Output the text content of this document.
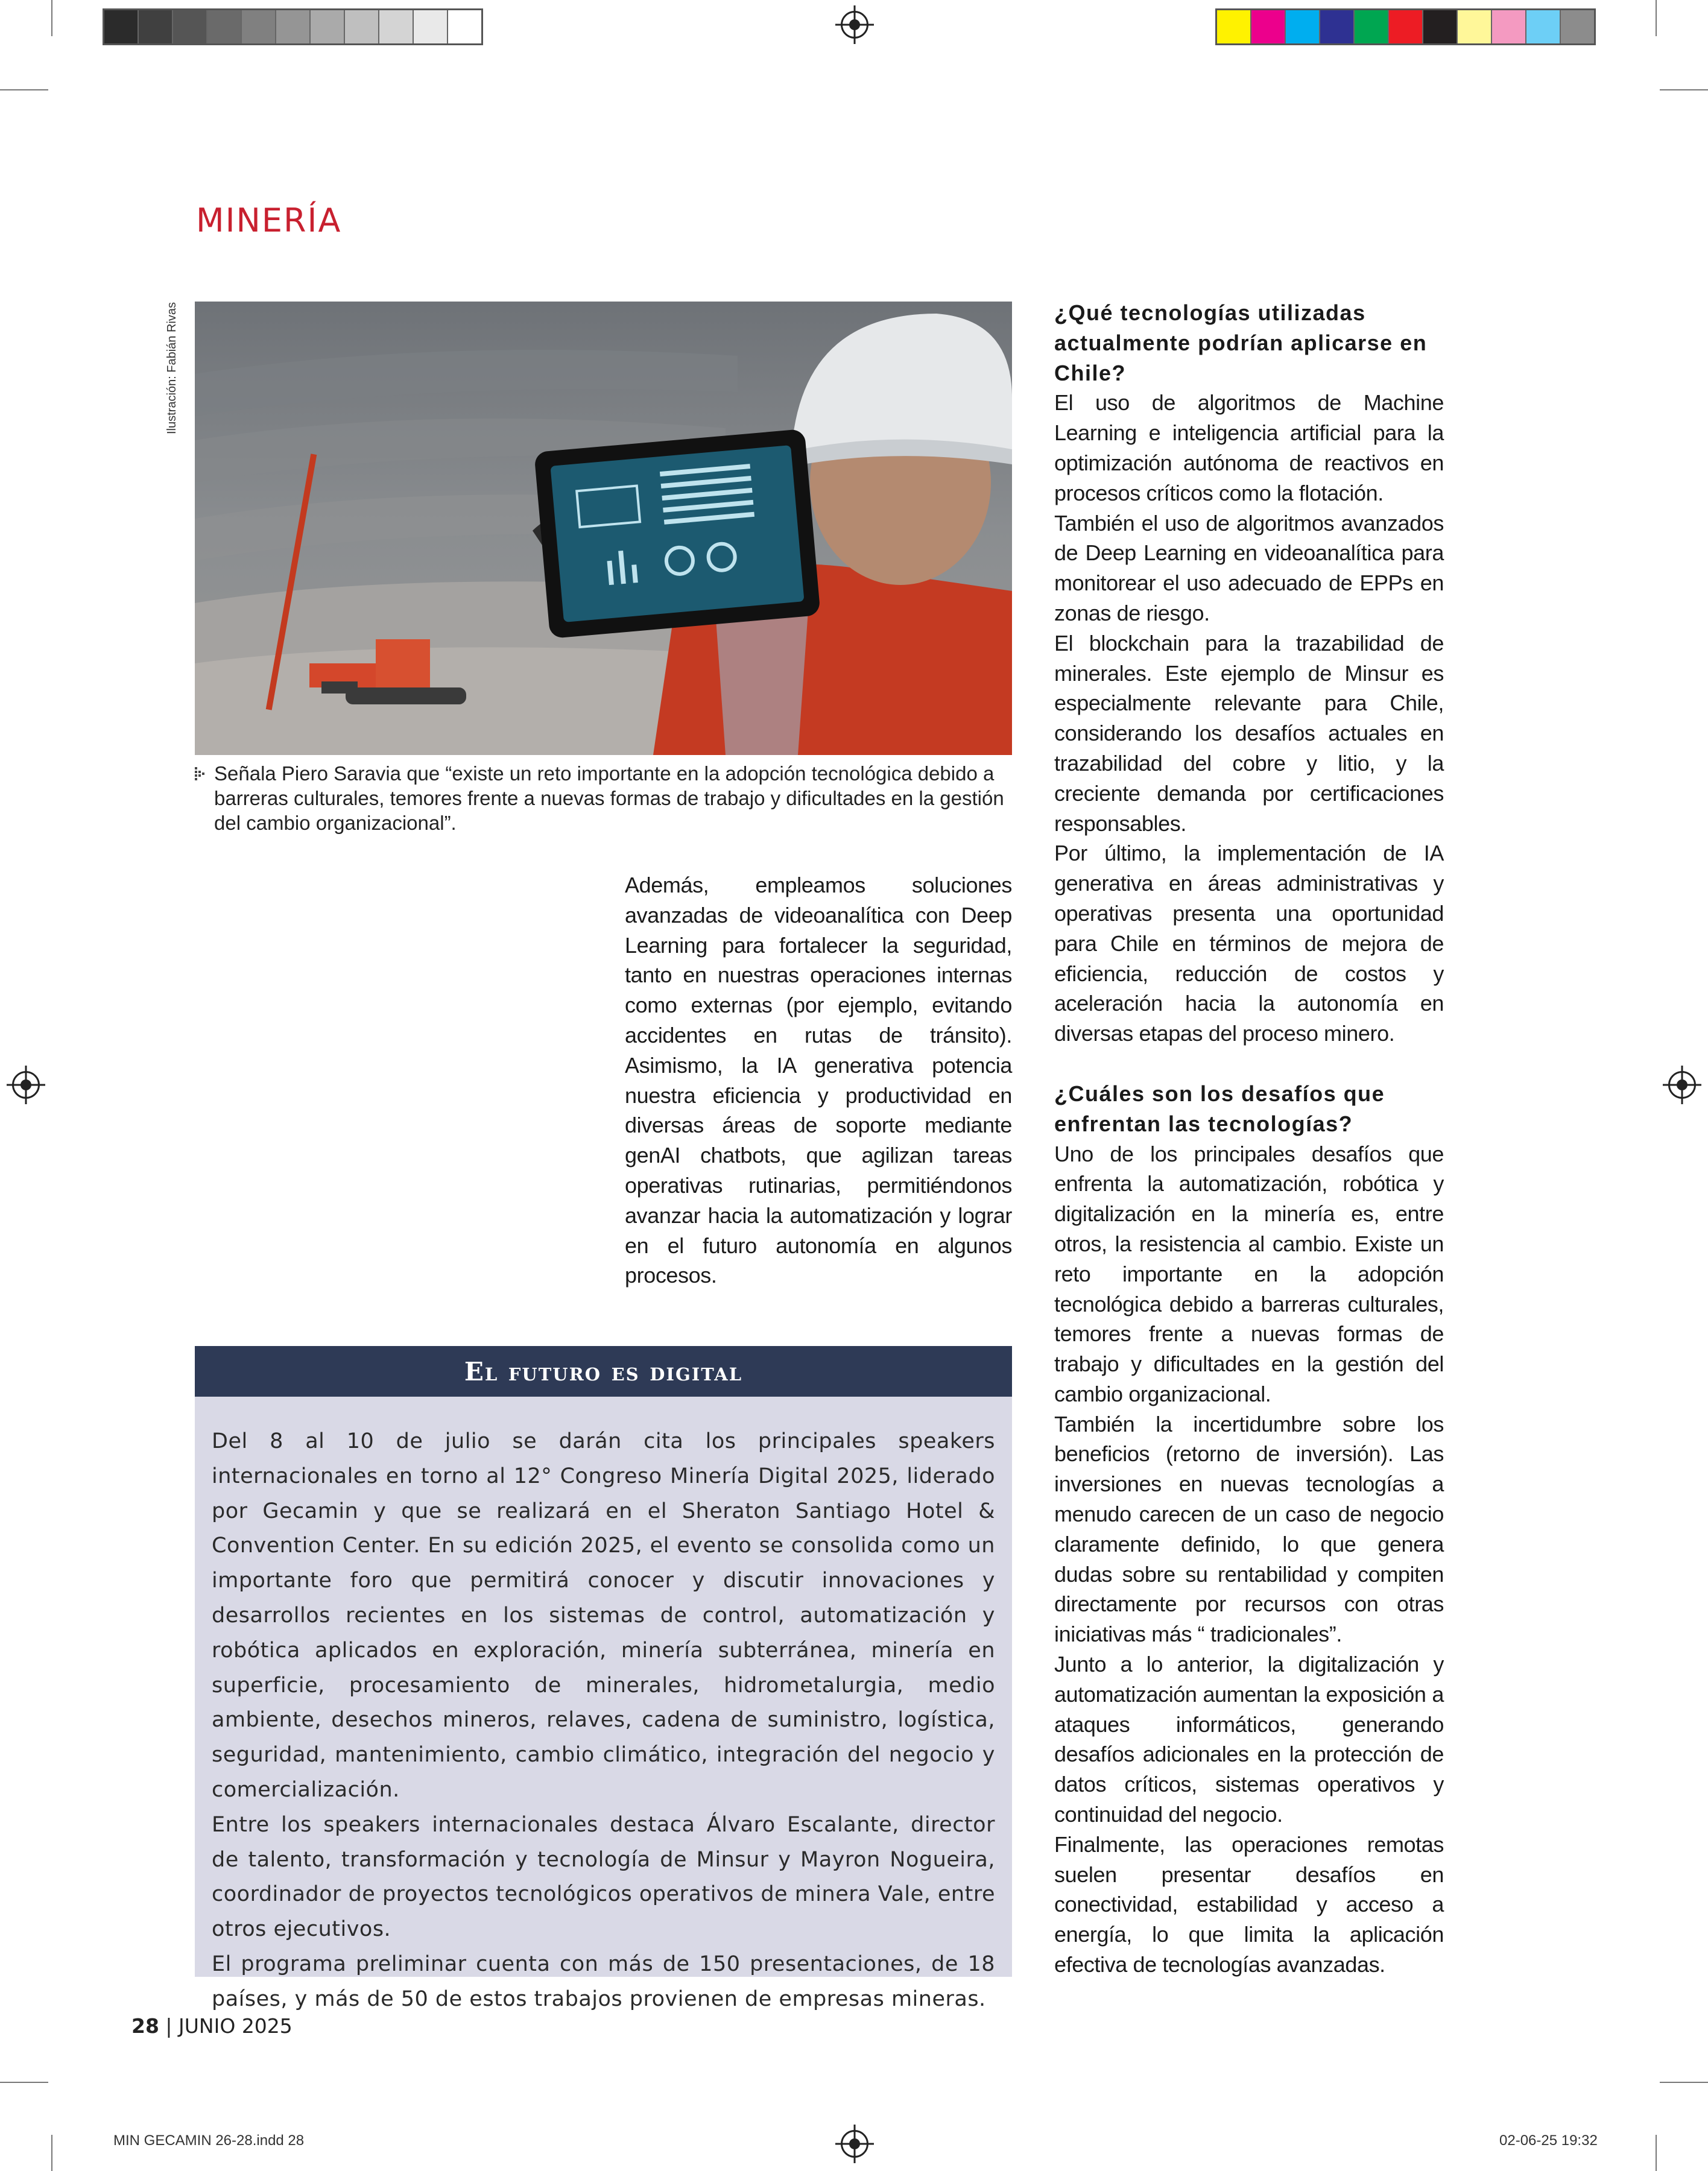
MINERÍA
Ilustración: Fabián Rivas

Señala Piero Saravia que “existe un reto importante en la adopción tecnológica debido a barreras culturales, temores frente a nuevas formas de trabajo y dificultades en la gestión del cambio organizacional”.

Además, empleamos soluciones avanzadas de videoanalítica con Deep Learning para fortalecer la seguridad, tanto en nuestras operaciones internas como externas (por ejemplo, evitando accidentes en rutas de tránsito). Asimismo, la IA generativa potencia nuestra eficiencia y productividad en diversas áreas de soporte mediante genAI chatbots, que agilizan tareas operativas rutinarias, permitiéndonos avanzar hacia la automatización y lograr en el futuro autonomía en algunos procesos.

¿Qué tecnologías utilizadas actualmente podrían aplicarse en Chile?

El uso de algoritmos de Machine Learning e inteligencia artificial para la optimización autónoma de reactivos en procesos críticos como la flotación.

También el uso de algoritmos avanzados de Deep Learning en videoanalítica para monitorear el uso adecuado de EPPs en zonas de riesgo.

El blockchain para la trazabilidad de minerales. Este ejemplo de Minsur es especialmente relevante para Chile, considerando los desafíos actuales en trazabilidad del cobre y litio, y la creciente demanda por certificaciones responsables.

Por último, la implementación de IA generativa en áreas administrativas y operativas presenta una oportunidad para Chile en términos de mejora de eficiencia, reducción de costos y aceleración hacia la autonomía en diversas etapas del proceso minero.

¿Cuáles son los desafíos que enfrentan las tecnologías?

Uno de los principales desafíos que enfrenta la automatización, robótica y digitalización en la minería es, entre otros, la resistencia al cambio. Existe un reto importante en la adopción tecnológica debido a barreras culturales, temores frente a nuevas formas de trabajo y dificultades en la gestión del cambio organizacional.

También la incertidumbre sobre los beneficios (retorno de inversión). Las inversiones en nuevas tecnologías a menudo carecen de un caso de negocio claramente definido, lo que genera dudas sobre su rentabilidad y compiten directamente por recursos con otras iniciativas más “ tradicionales”.

Junto a lo anterior, la digitalización y automatización aumentan la exposición a ataques informáticos, generando desafíos adicionales en la protección de datos críticos, sistemas operativos y continuidad del negocio.

Finalmente, las operaciones remotas suelen presentar desafíos en conectividad, estabilidad y acceso a energía, lo que limita la aplicación efectiva de tecnologías avanzadas.

El futuro es digital

Del 8 al 10 de julio se darán cita los principales speakers internacionales en torno al 12° Congreso Minería Digital 2025, liderado por Gecamin y que se realizará en el Sheraton Santiago Hotel & Convention Center. En su edición 2025, el evento se consolida como un importante foro que permitirá conocer y discutir innovaciones y desarrollos recientes en los sistemas de control, automatización y robótica aplicados en exploración, minería subterránea, minería en superficie, procesamiento de minerales, hidrometalurgia, medio ambiente, desechos mineros, relaves, cadena de suministro, logística, seguridad, mantenimiento, cambio climático, integración del negocio y comercialización.

Entre los speakers internacionales destaca Álvaro Escalante, director de talento, transformación y tecnología de Minsur y Mayron Nogueira, coordinador de proyectos tecnológicos operativos de minera Vale, entre otros ejecutivos.

El programa preliminar cuenta con más de 150 presentaciones, de 18 países, y más de 50 de estos trabajos provienen de empresas mineras.

28 | JUNIO 2025
MIN GECAMIN 26-28.indd 28	02-06-25 19:32
